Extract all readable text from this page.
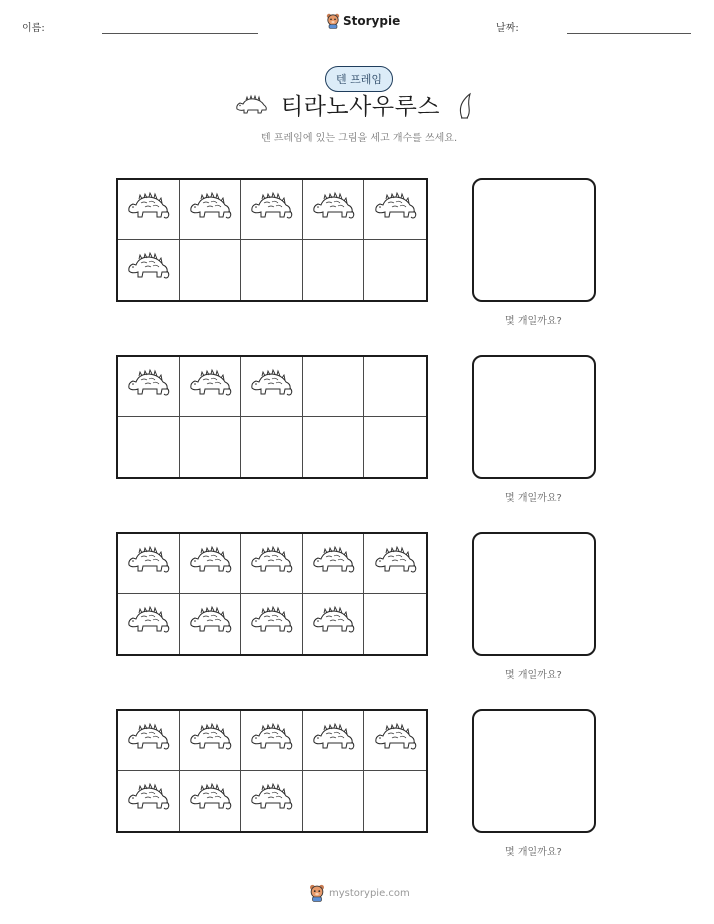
이름:
Storypie
날짜:
텐 프레임
티라노사우루스
텐 프레임에 있는 그림을 세고 개수를 쓰세요.
몇 개일까요?
몇 개일까요?
몇 개일까요?
몇 개일까요?
mystorypie.com
